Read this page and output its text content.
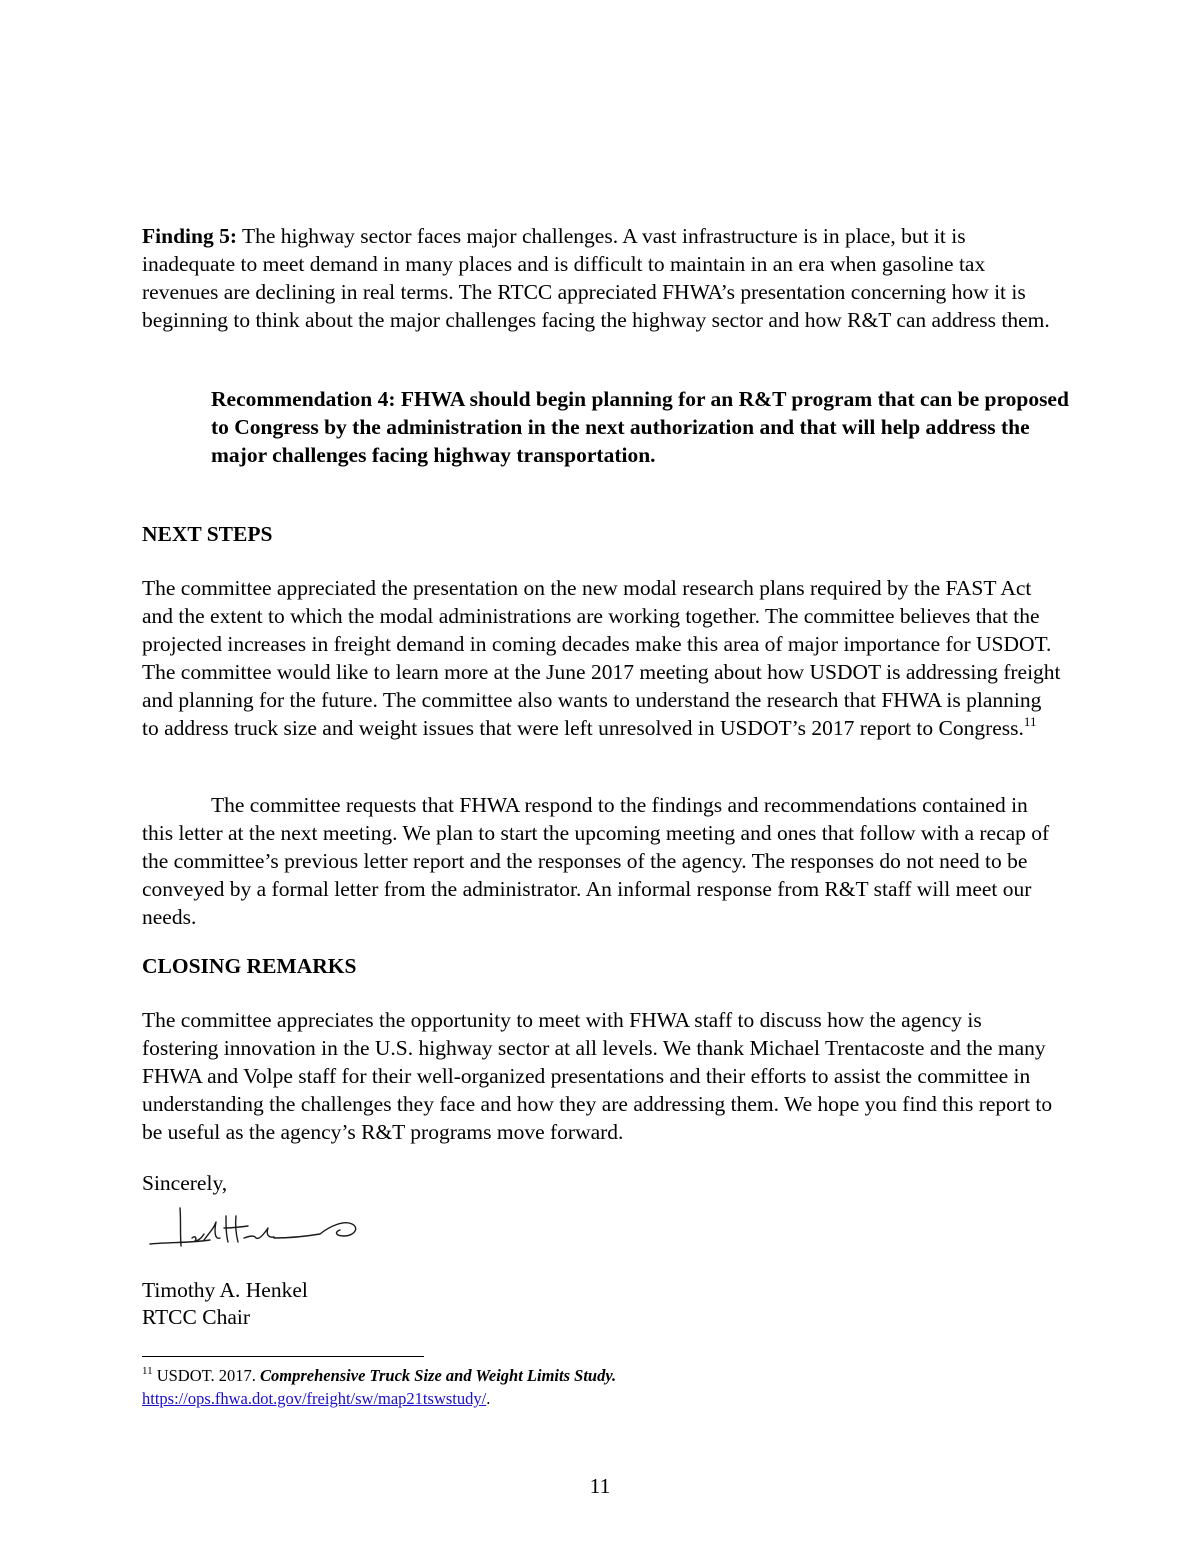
Finding 5: The highway sector faces major challenges. A vast infrastructure is in place, but it is inadequate to meet demand in many places and is difficult to maintain in an era when gasoline tax revenues are declining in real terms. The RTCC appreciated FHWA’s presentation concerning how it is beginning to think about the major challenges facing the highway sector and how R&T can address them.

Recommendation 4: FHWA should begin planning for an R&T program that can be proposed to Congress by the administration in the next authorization and that will help address the major challenges facing highway transportation.

NEXT STEPS

The committee appreciated the presentation on the new modal research plans required by the FAST Act and the extent to which the modal administrations are working together. The committee believes that the projected increases in freight demand in coming decades make this area of major importance for USDOT. The committee would like to learn more at the June 2017 meeting about how USDOT is addressing freight and planning for the future. The committee also wants to understand the research that FHWA is planning to address truck size and weight issues that were left unresolved in USDOT’s 2017 report to Congress.$^{11}$

The committee requests that FHWA respond to the findings and recommendations contained in this letter at the next meeting. We plan to start the upcoming meeting and ones that follow with a recap of the committee’s previous letter report and the responses of the agency. The responses do not need to be conveyed by a formal letter from the administrator. An informal response from R&T staff will meet our needs.

CLOSING REMARKS

The committee appreciates the opportunity to meet with FHWA staff to discuss how the agency is fostering innovation in the U.S. highway sector at all levels. We thank Michael Trentacoste and the many FHWA and Volpe staff for their well-organized presentations and their efforts to assist the committee in understanding the challenges they face and how they are addressing them. We hope you find this report to be useful as the agency’s R&T programs move forward.

Sincerely,

Timothy A. Henkel

RTCC Chair

$^{11}$ USDOT. 2017. Comprehensive Truck Size and Weight Limits Study.
https://ops.fhwa.dot.gov/freight/sw/map21tswstudy/.
11
